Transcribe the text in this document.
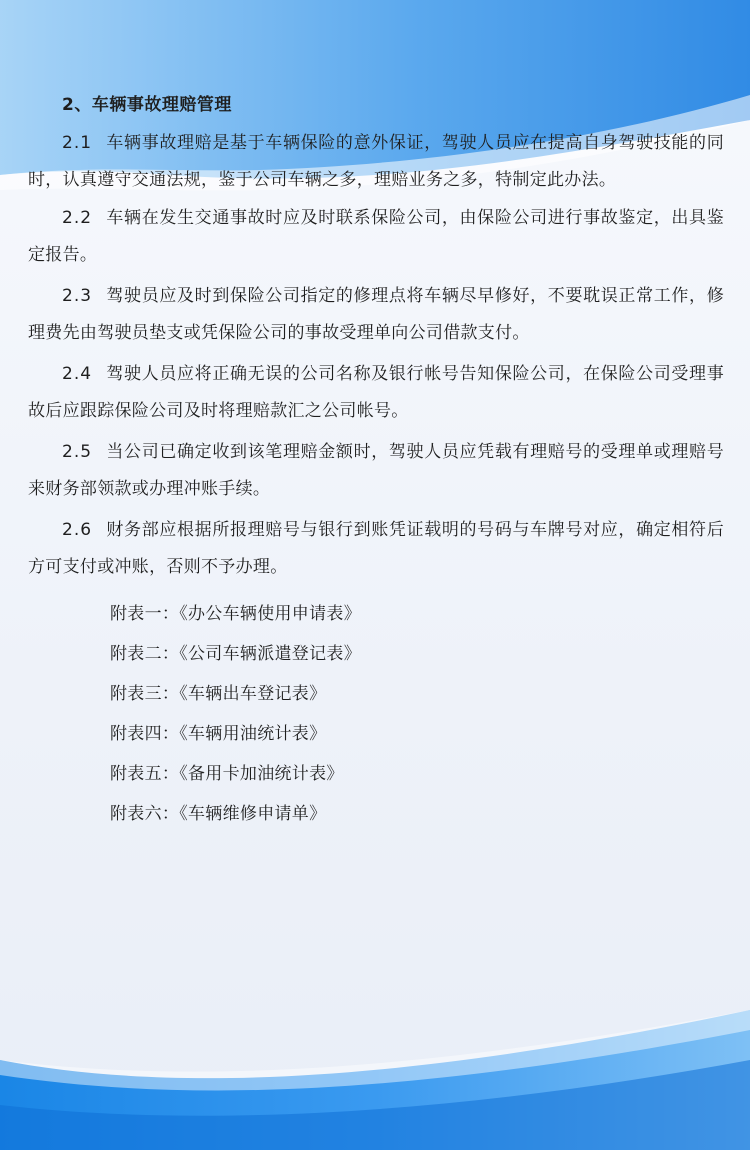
2、车辆事故理赔管理

2.1 车辆事故理赔是基于车辆保险的意外保证，驾驶人员应在提高自身驾驶技能的同时，认真遵守交通法规，鉴于公司车辆之多，理赔业务之多，特制定此办法。

2.2 车辆在发生交通事故时应及时联系保险公司，由保险公司进行事故鉴定，出具鉴定报告。

2.3 驾驶员应及时到保险公司指定的修理点将车辆尽早修好，不要耽误正常工作，修理费先由驾驶员垫支或凭保险公司的事故受理单向公司借款支付。

2.4 驾驶人员应将正确无误的公司名称及银行帐号告知保险公司，在保险公司受理事故后应跟踪保险公司及时将理赔款汇之公司帐号。

2.5 当公司已确定收到该笔理赔金额时，驾驶人员应凭载有理赔号的受理单或理赔号来财务部领款或办理冲账手续。

2.6 财务部应根据所报理赔号与银行到账凭证载明的号码与车牌号对应，确定相符后方可支付或冲账，否则不予办理。

附表一：《办公车辆使用申请表》
附表二：《公司车辆派遣登记表》
附表三：《车辆出车登记表》
附表四：《车辆用油统计表》
附表五：《备用卡加油统计表》
附表六：《车辆维修申请单》
